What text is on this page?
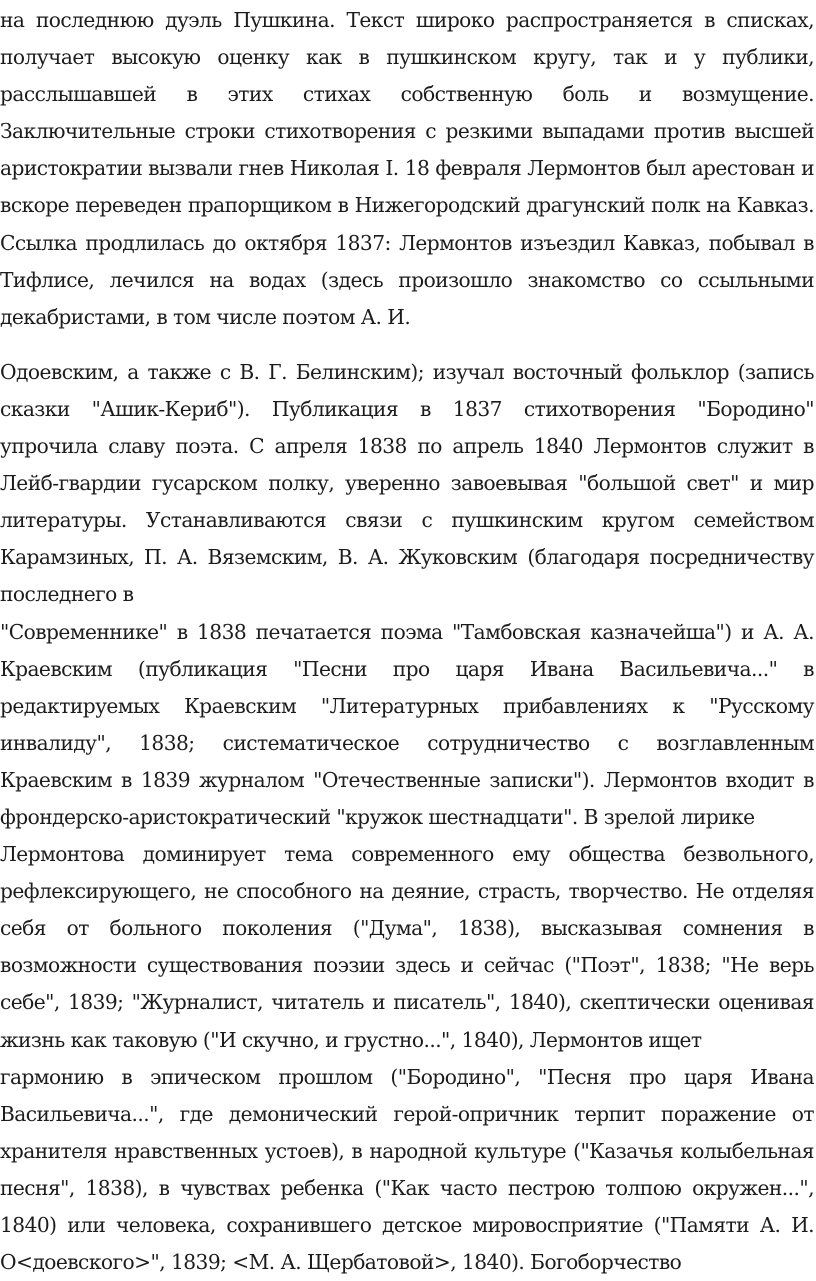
на последнюю дуэль Пушкина. Текст широко распространяется в списках, получает высокую оценку как в пушкинском кругу, так и у публики, расслышавшей в этих стихах собственную боль и возмущение. Заключительные строки стихотворения с резкими выпадами против высшей аристократии вызвали гнев Николая I. 18 февраля Лермонтов был арестован и вскоре переведен прапорщиком в Нижегородский драгунский полк на Кавказ. Ссылка продлилась до октября 1837: Лермонтов изъездил Кавказ, побывал в Тифлисе, лечился на водах (здесь произошло знакомство со ссыльными декабристами, в том числе поэтом А. И.

Одоевским, а также с В. Г. Белинским); изучал восточный фольклор (запись сказки "Ашик-Кериб"). Публикация в 1837 стихотворения "Бородино" упрочила славу поэта. С апреля 1838 по апрель 1840 Лермонтов служит в Лейб-гвардии гусарском полку, уверенно завоевывая "большой свет" и мир литературы. Устанавливаются связи с пушкинским кругом семейством Карамзиных, П. А. Вяземским, В. А. Жуковским (благодаря посредничеству последнего в

"Современнике" в 1838 печатается поэма "Тамбовская казначейша") и А. А. Краевским (публикация "Песни про царя Ивана Васильевича..." в редактируемых Краевским "Литературных прибавлениях к "Русскому инвалиду", 1838; систематическое сотрудничество с возглавленным Краевским в 1839 журналом "Отечественные записки"). Лермонтов входит в фрондерско-аристократический "кружок шестнадцати". В зрелой лирике

Лермонтова доминирует тема современного ему общества безвольного, рефлексирующего, не способного на деяние, страсть, творчество. Не отделяя себя от больного поколения ("Дума", 1838), высказывая сомнения в возможности существования поэзии здесь и сейчас ("Поэт", 1838; "Не верь себе", 1839; "Журналист, читатель и писатель", 1840), скептически оценивая жизнь как таковую ("И скучно, и грустно...", 1840), Лермонтов ищет

гармонию в эпическом прошлом ("Бородино", "Песня про царя Ивана Васильевича...", где демонический герой-опричник терпит поражение от хранителя нравственных устоев), в народной культуре ("Казачья колыбельная песня", 1838), в чувствах ребенка ("Как часто пестрою толпою окружен...", 1840) или человека, сохранившего детское мировосприятие ("Памяти А. И. О<доевского>", 1839; <М. А. Щербатовой>, 1840). Богоборчество
